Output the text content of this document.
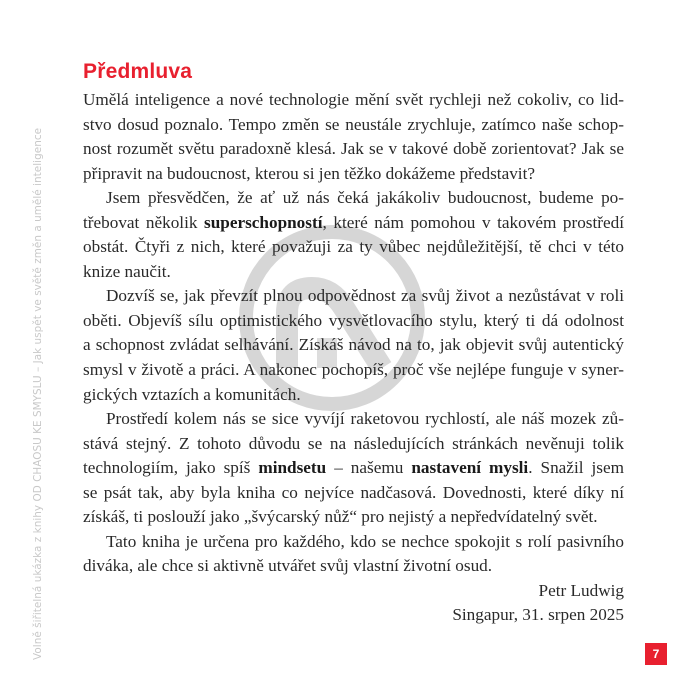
Volně šiřitelná ukázka z knihy OD CHAOSU KE SMYSLU – Jak uspět ve světě změn a umělé inteligence
Předmluva
Umělá inteligence a nové technologie mění svět rychleji než cokoliv, co lid-
stvo dosud poznalo. Tempo změn se neustále zrychluje, zatímco naše schop-
nost rozumět světu paradoxně klesá. Jak se v takové době zorientovat? Jak se
připravit na budoucnost, kterou si jen těžko dokážeme představit?
Jsem přesvědčen, že ať už nás čeká jakákoliv budoucnost, budeme po-
třebovat několik superschopností, které nám pomohou v takovém prostředí
obstát. Čtyři z nich, které považuji za ty vůbec nejdůležitější, tě chci v této
knize naučit.
Dozvíš se, jak převzít plnou odpovědnost za svůj život a nezůstávat v roli
oběti. Objevíš sílu optimistického vysvětlovacího stylu, který ti dá odolnost
a schopnost zvládat selhávání. Získáš návod na to, jak objevit svůj autentický
smysl v životě a práci. A nakonec pochopíš, proč vše nejlépe funguje v syner-
gických vztazích a komunitách.
Prostředí kolem nás se sice vyvíjí raketovou rychlostí, ale náš mozek zů-
stává stejný. Z tohoto důvodu se na následujících stránkách nevěnuji tolik
technologiím, jako spíš mindsetu – našemu nastavení mysli. Snažil jsem
se psát tak, aby byla kniha co nejvíce nadčasová. Dovednosti, které díky ní
získáš, ti poslouží jako „švýcarský nůž“ pro nejistý a nepředvídatelný svět.
Tato kniha je určena pro každého, kdo se nechce spokojit s rolí pasivního
diváka, ale chce si aktivně utvářet svůj vlastní životní osud.
Petr Ludwig
Singapur, 31. srpen 2025
7
